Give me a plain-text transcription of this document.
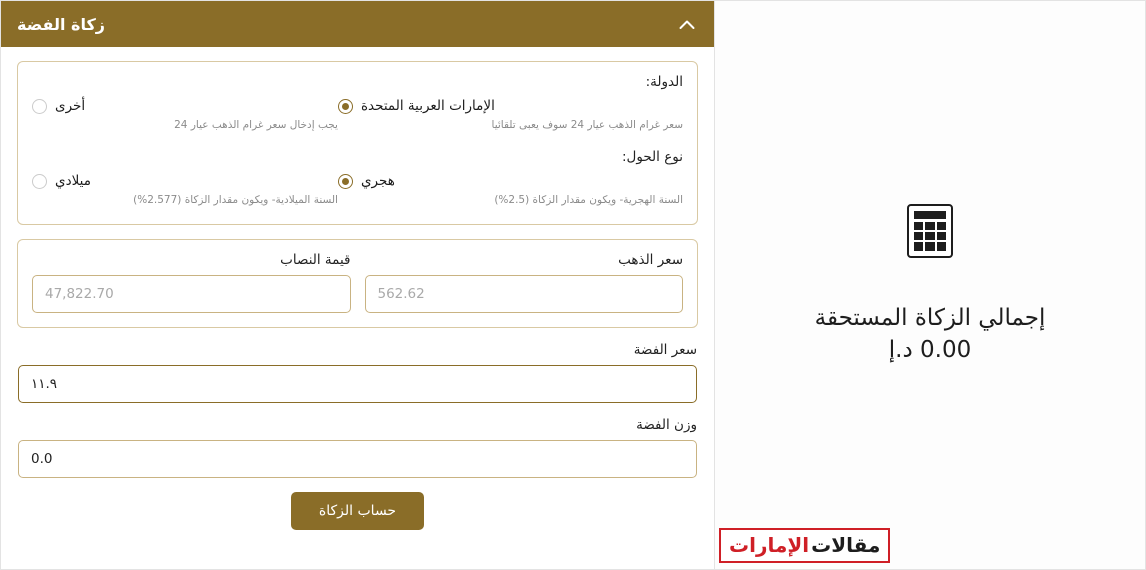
زكاة الفضة
الدولة:
الإمارات العربية المتحدة
سعر غرام الذهب عيار 24 سوف يعبى تلقائيا
أخرى
يجب إدخال سعر غرام الذهب عيار 24
نوع الحول:
هجري
السنة الهجرية- ويكون مقدار الزكاة (2.5%)
ميلادي
السنة الميلادية- ويكون مقدار الزكاة (2.577%)
سعر الذهب
562.62
قيمة النصاب
47,822.70
سعر الفضة
١١.٩
وزن الفضة
0.0
حساب الزكاة
إجمالي الزكاة المستحقة
0.00 د.إ
مقالات
الإمارات
